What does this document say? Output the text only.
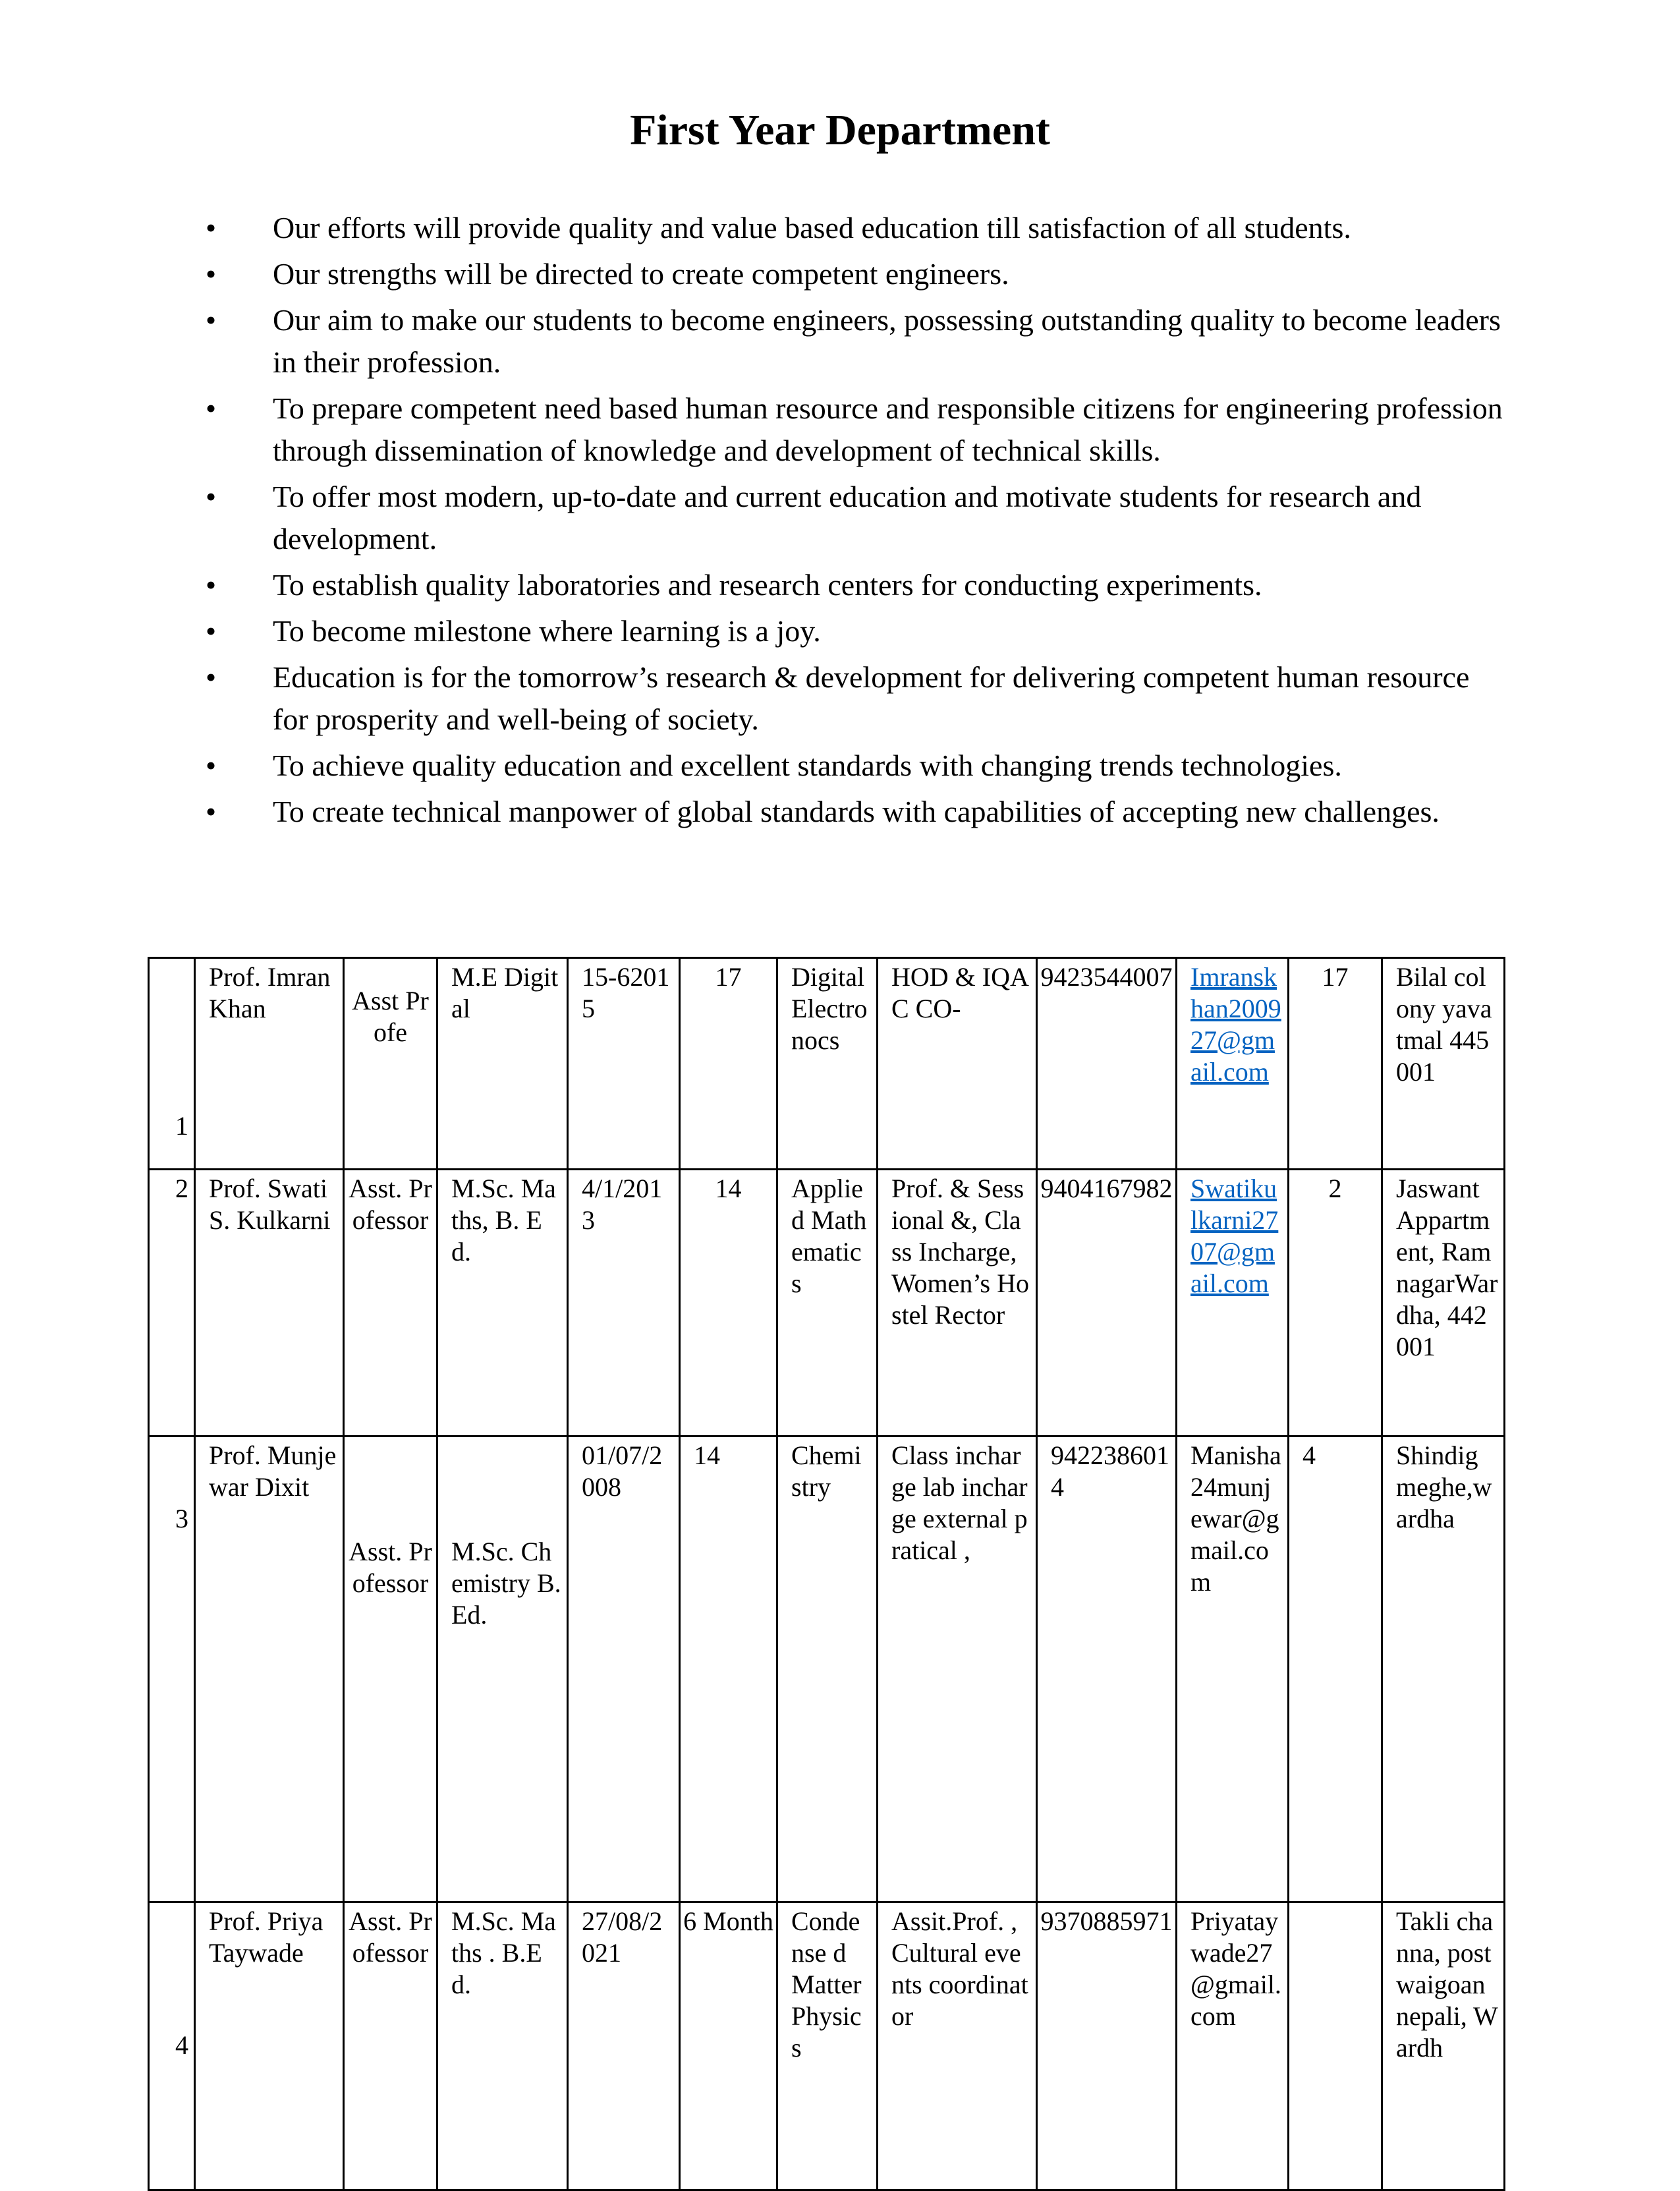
First Year Department
• Our efforts will provide quality and value based education till satisfaction of all students.
• Our strengths will be directed to create competent engineers.
• Our aim to make our students to become engineers, possessing outstanding quality to become leaders in their profession.
• To prepare competent need based human resource and responsible citizens for engineering profession through dissemination of knowledge and development of technical skills.
• To offer most modern, up-to-date and current education and motivate students for research and development.
• To establish quality laboratories and research centers for conducting experiments.
• To become milestone where learning is a joy.
• Education is for the tomorrow’s research & development for delivering competent human resource for prosperity and well-being of society.
• To achieve quality education and excellent standards with changing trends technologies.
• To create technical manpower of global standards with capabilities of accepting new challenges.
1	Prof. Imran Khan	Asst Profe	M.E Digital	15-62015	17	Digital Electronocs	HOD & IQAC CO-	9423544007	Imranskhan200927@gmail.com	17	Bilal colony yavatmal 445001
2	Prof. Swati S. Kulkarni	Asst. Professor	M.Sc. Maths, B. Ed.	4/1/2013	14	Applied Mathematics	Prof. & Sessional &, Class Incharge, Women’s Hostel Rector	9404167982	Swatikulkarni2707@gmail.com	2	JaswantAppartment, RamnagarWardha, 442001
3	Prof. Munjewar Dixit	Asst. Professor	M.Sc. Chemistry B. Ed.	01/07/2008	14	Chemistry	Class incharge lab incharge external pratical ,	9422386014	Manisha24munjewar@gmail.com	4	Shindigmeghe,wardha
4	Prof. Priya Taywade	Asst. Professor	M.Sc. Maths . B.Ed.	27/08/2021	6 Month	Condense d Matter Physics	Assit.Prof. , Cultural events coordinator	9370885971	Priyataywade27 @gmail.com		Takli channa, post waigoan nepali, Wardh
